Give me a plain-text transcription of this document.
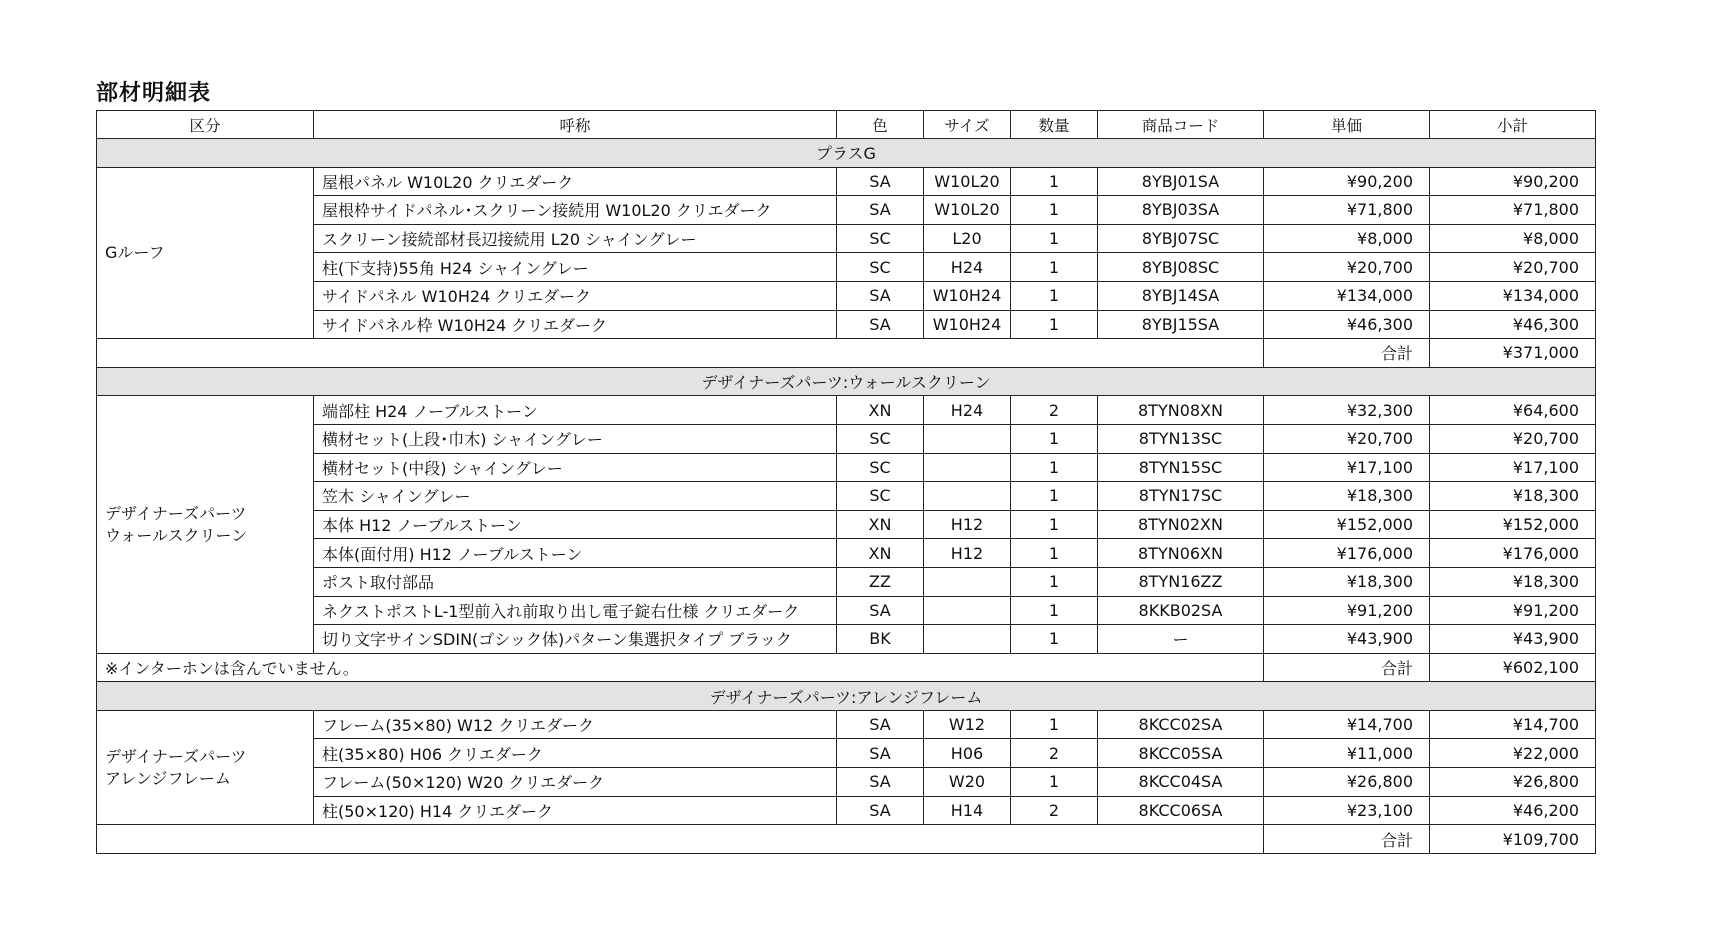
部材明細表
区分	呼称	色	サイズ	数量	商品コード	単価	小計
プラスG							

Gルーフ	屋根パネル W10L20 クリエダーク	SA	W10L20	1	8YBJ01SA	¥90,200	¥90,200
	屋根枠サイドパネル･スクリーン接続用 W10L20 クリエダーク	SA	W10L20	1	8YBJ03SA	¥71,800	¥71,800
	スクリーン接続部材長辺接続用 L20 シャイングレー	SC	L20	1	8YBJ07SC	¥8,000	¥8,000
	柱(下支持)55角 H24 シャイングレー	SC	H24	1	8YBJ08SC	¥20,700	¥20,700
	サイドパネル W10H24 クリエダーク	SA	W10H24	1	8YBJ14SA	¥134,000	¥134,000
	サイドパネル枠 W10H24 クリエダーク	SA	W10H24	1	8YBJ15SA	¥46,300	¥46,300
						合計	¥371,000
デザイナーズパーツ:ウォールスクリーン							

デザイナーズパーツ
ウォールスクリーン	端部柱 H24 ノーブルストーン	XN	H24	2	8TYN08XN	¥32,300	¥64,600
	横材セット(上段･巾木) シャイングレー	SC		1	8TYN13SC	¥20,700	¥20,700
	横材セット(中段) シャイングレー	SC		1	8TYN15SC	¥17,100	¥17,100
	笠木 シャイングレー	SC		1	8TYN17SC	¥18,300	¥18,300
	本体 H12 ノーブルストーン	XN	H12	1	8TYN02XN	¥152,000	¥152,000
	本体(面付用) H12 ノーブルストーン	XN	H12	1	8TYN06XN	¥176,000	¥176,000
	ポスト取付部品	ZZ		1	8TYN16ZZ	¥18,300	¥18,300
	ネクストポストL-1型前入れ前取り出し電子錠右仕様 クリエダーク	SA		1	8KKB02SA	¥91,200	¥91,200
	切り文字サインSDIN(ゴシック体)パターン集選択タイプ ブラック	BK		1	ー	¥43,900	¥43,900
※インターホンは含んでいません。						合計	¥602,100
デザイナーズパーツ:アレンジフレーム							

デザイナーズパーツ
アレンジフレーム	フレーム(35×80) W12 クリエダーク	SA	W12	1	8KCC02SA	¥14,700	¥14,700
	柱(35×80) H06 クリエダーク	SA	H06	2	8KCC05SA	¥11,000	¥22,000
	フレーム(50×120) W20 クリエダーク	SA	W20	1	8KCC04SA	¥26,800	¥26,800
	柱(50×120) H14 クリエダーク	SA	H14	2	8KCC06SA	¥23,100	¥46,200
						合計	¥109,700
